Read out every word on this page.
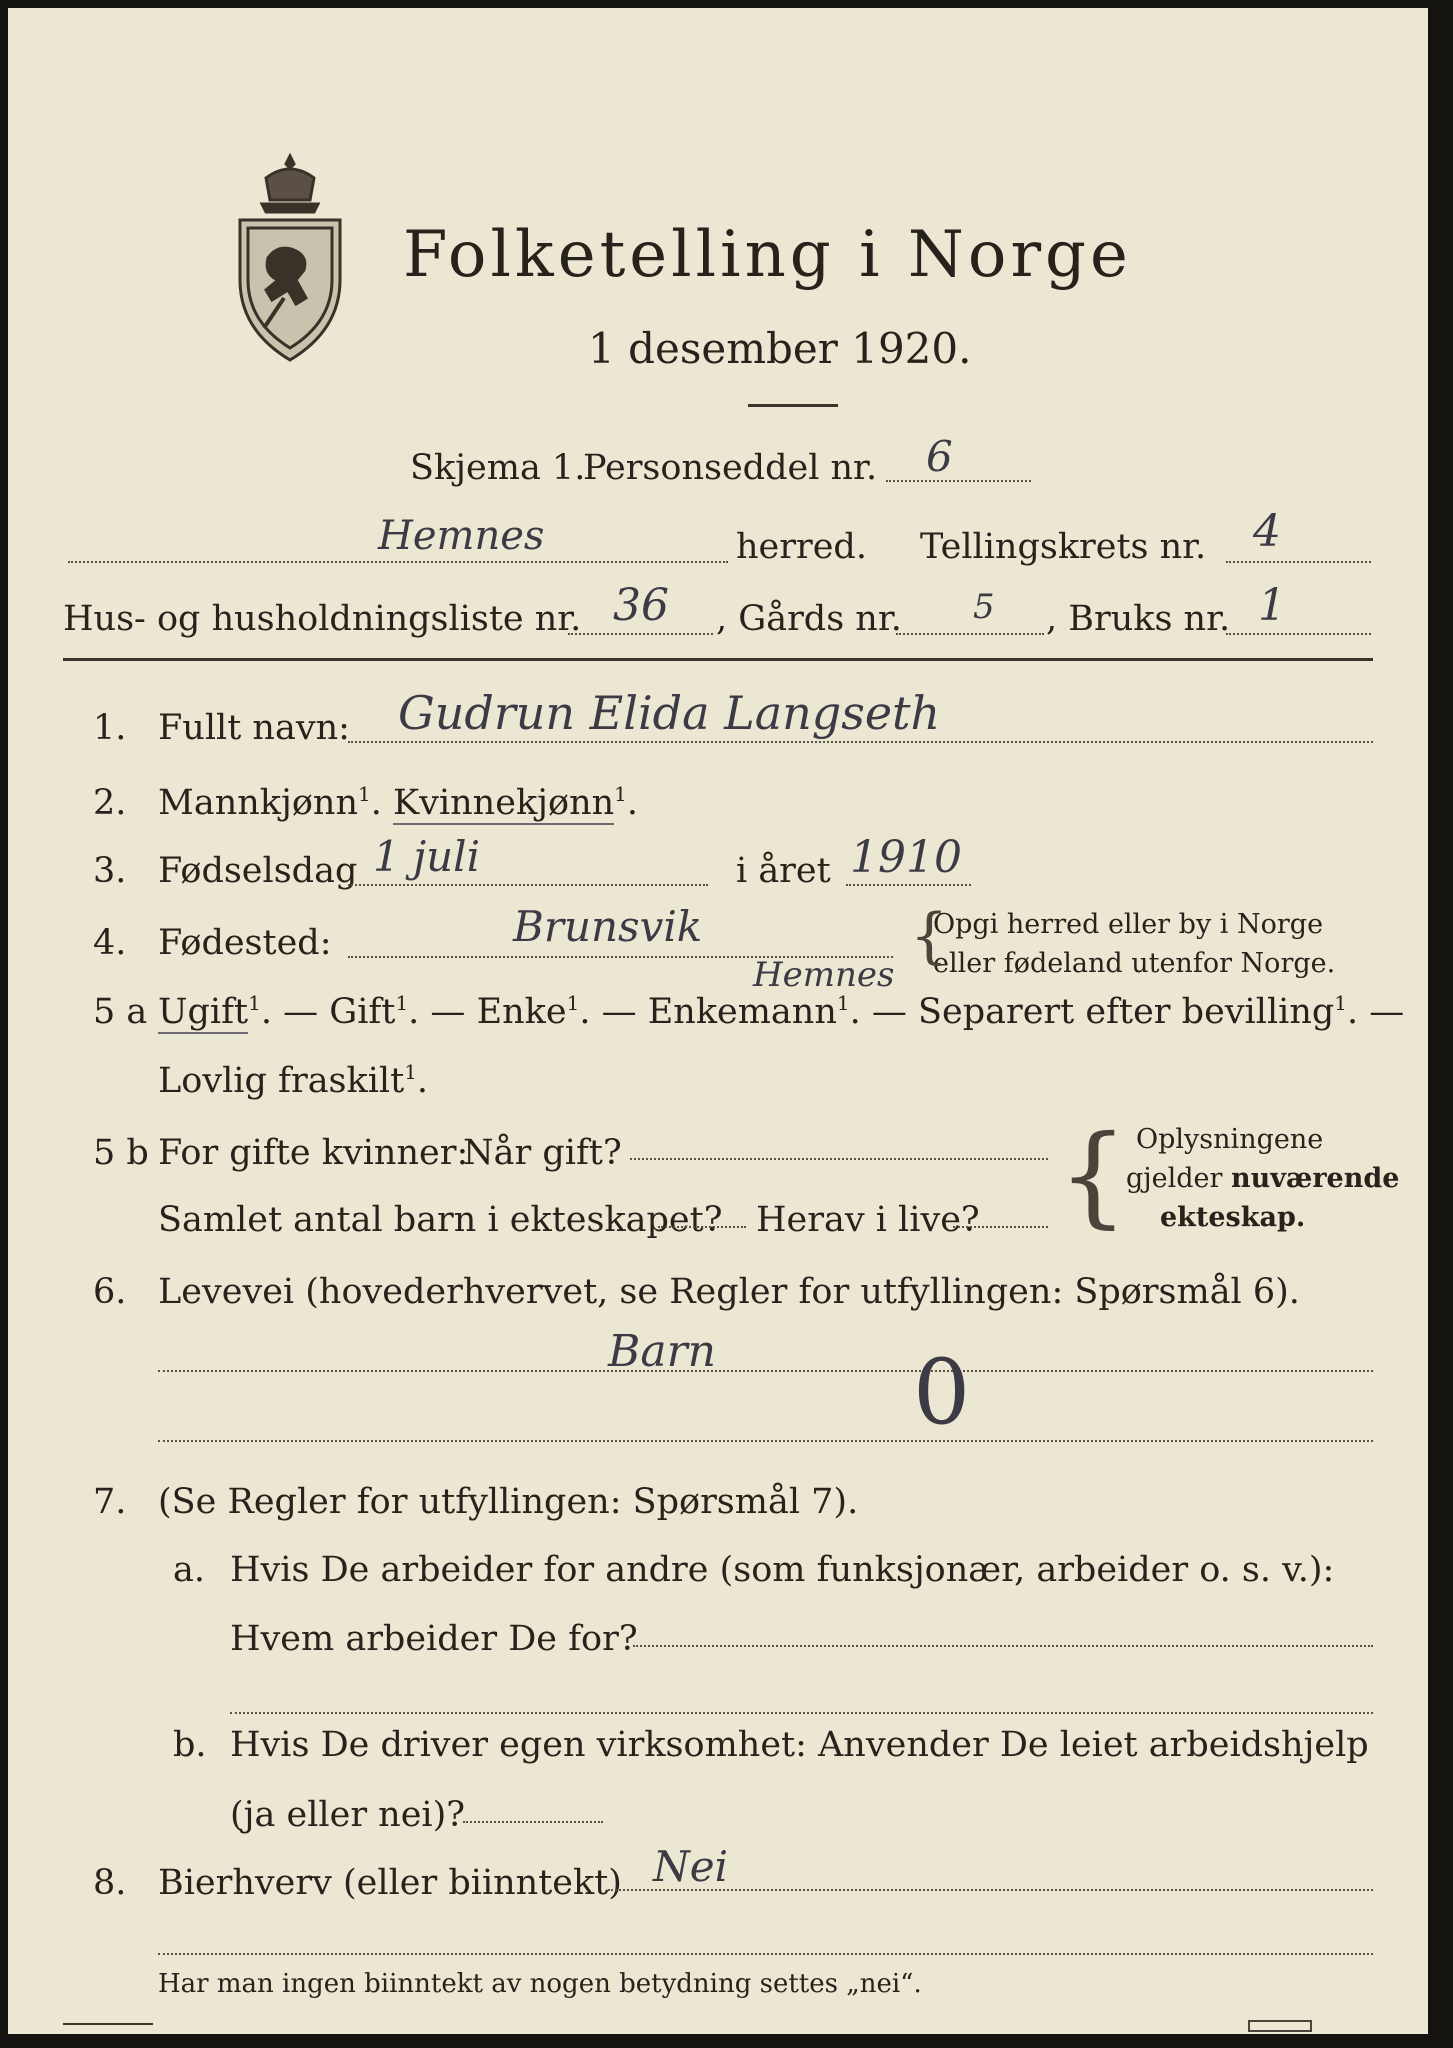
Folketelling i Norge
1 desember 1920.
Skjema 1.
Personseddel nr. 6
Hemnes	herred. Tellingskrets nr. 4
Hus- og husholdningsliste nr. 36 , Gårds nr. 5 , Bruks nr. 1
1. Fullt navn: Gudrun Elida Langseth
2. Mannkjønn$^1$. Kvinnekjønn$^1$.
3. Fødselsdag 1 juli	i året 1910
4. Fødested:	Brunsvik
Hemnes
Opgi herred eller by i Norge
eller fødeland utenfor Norge.
{
5 a Ugift$^1$. — Gift$^1$. — Enke$^1$. — Enkemann$^1$. — Separert efter bevilling$^1$. —
Lovlig fraskilt$^1$.
5 b For gifte kvinner:
Når gift?
Samlet antal barn i ekteskapet? Herav i live? { Oplysningene
gjelder nuværende
ekteskap.
6. Levevei (hovederhvervet, se Regler for utfyllingen: Spørsmål 6).
Barn 0
7. (Se Regler for utfyllingen: Spørsmål 7).
a. Hvis De arbeider for andre (som funksjonær, arbeider o. s. v.):
Hvem arbeider De for?
b. Hvis De driver egen virksomhet: Anvender De leiet arbeidshjelp
(ja eller nei)?
8. Bierhverv (eller biinntekt) Nei
Har man ingen biinntekt av nogen betydning settes „nei“.
